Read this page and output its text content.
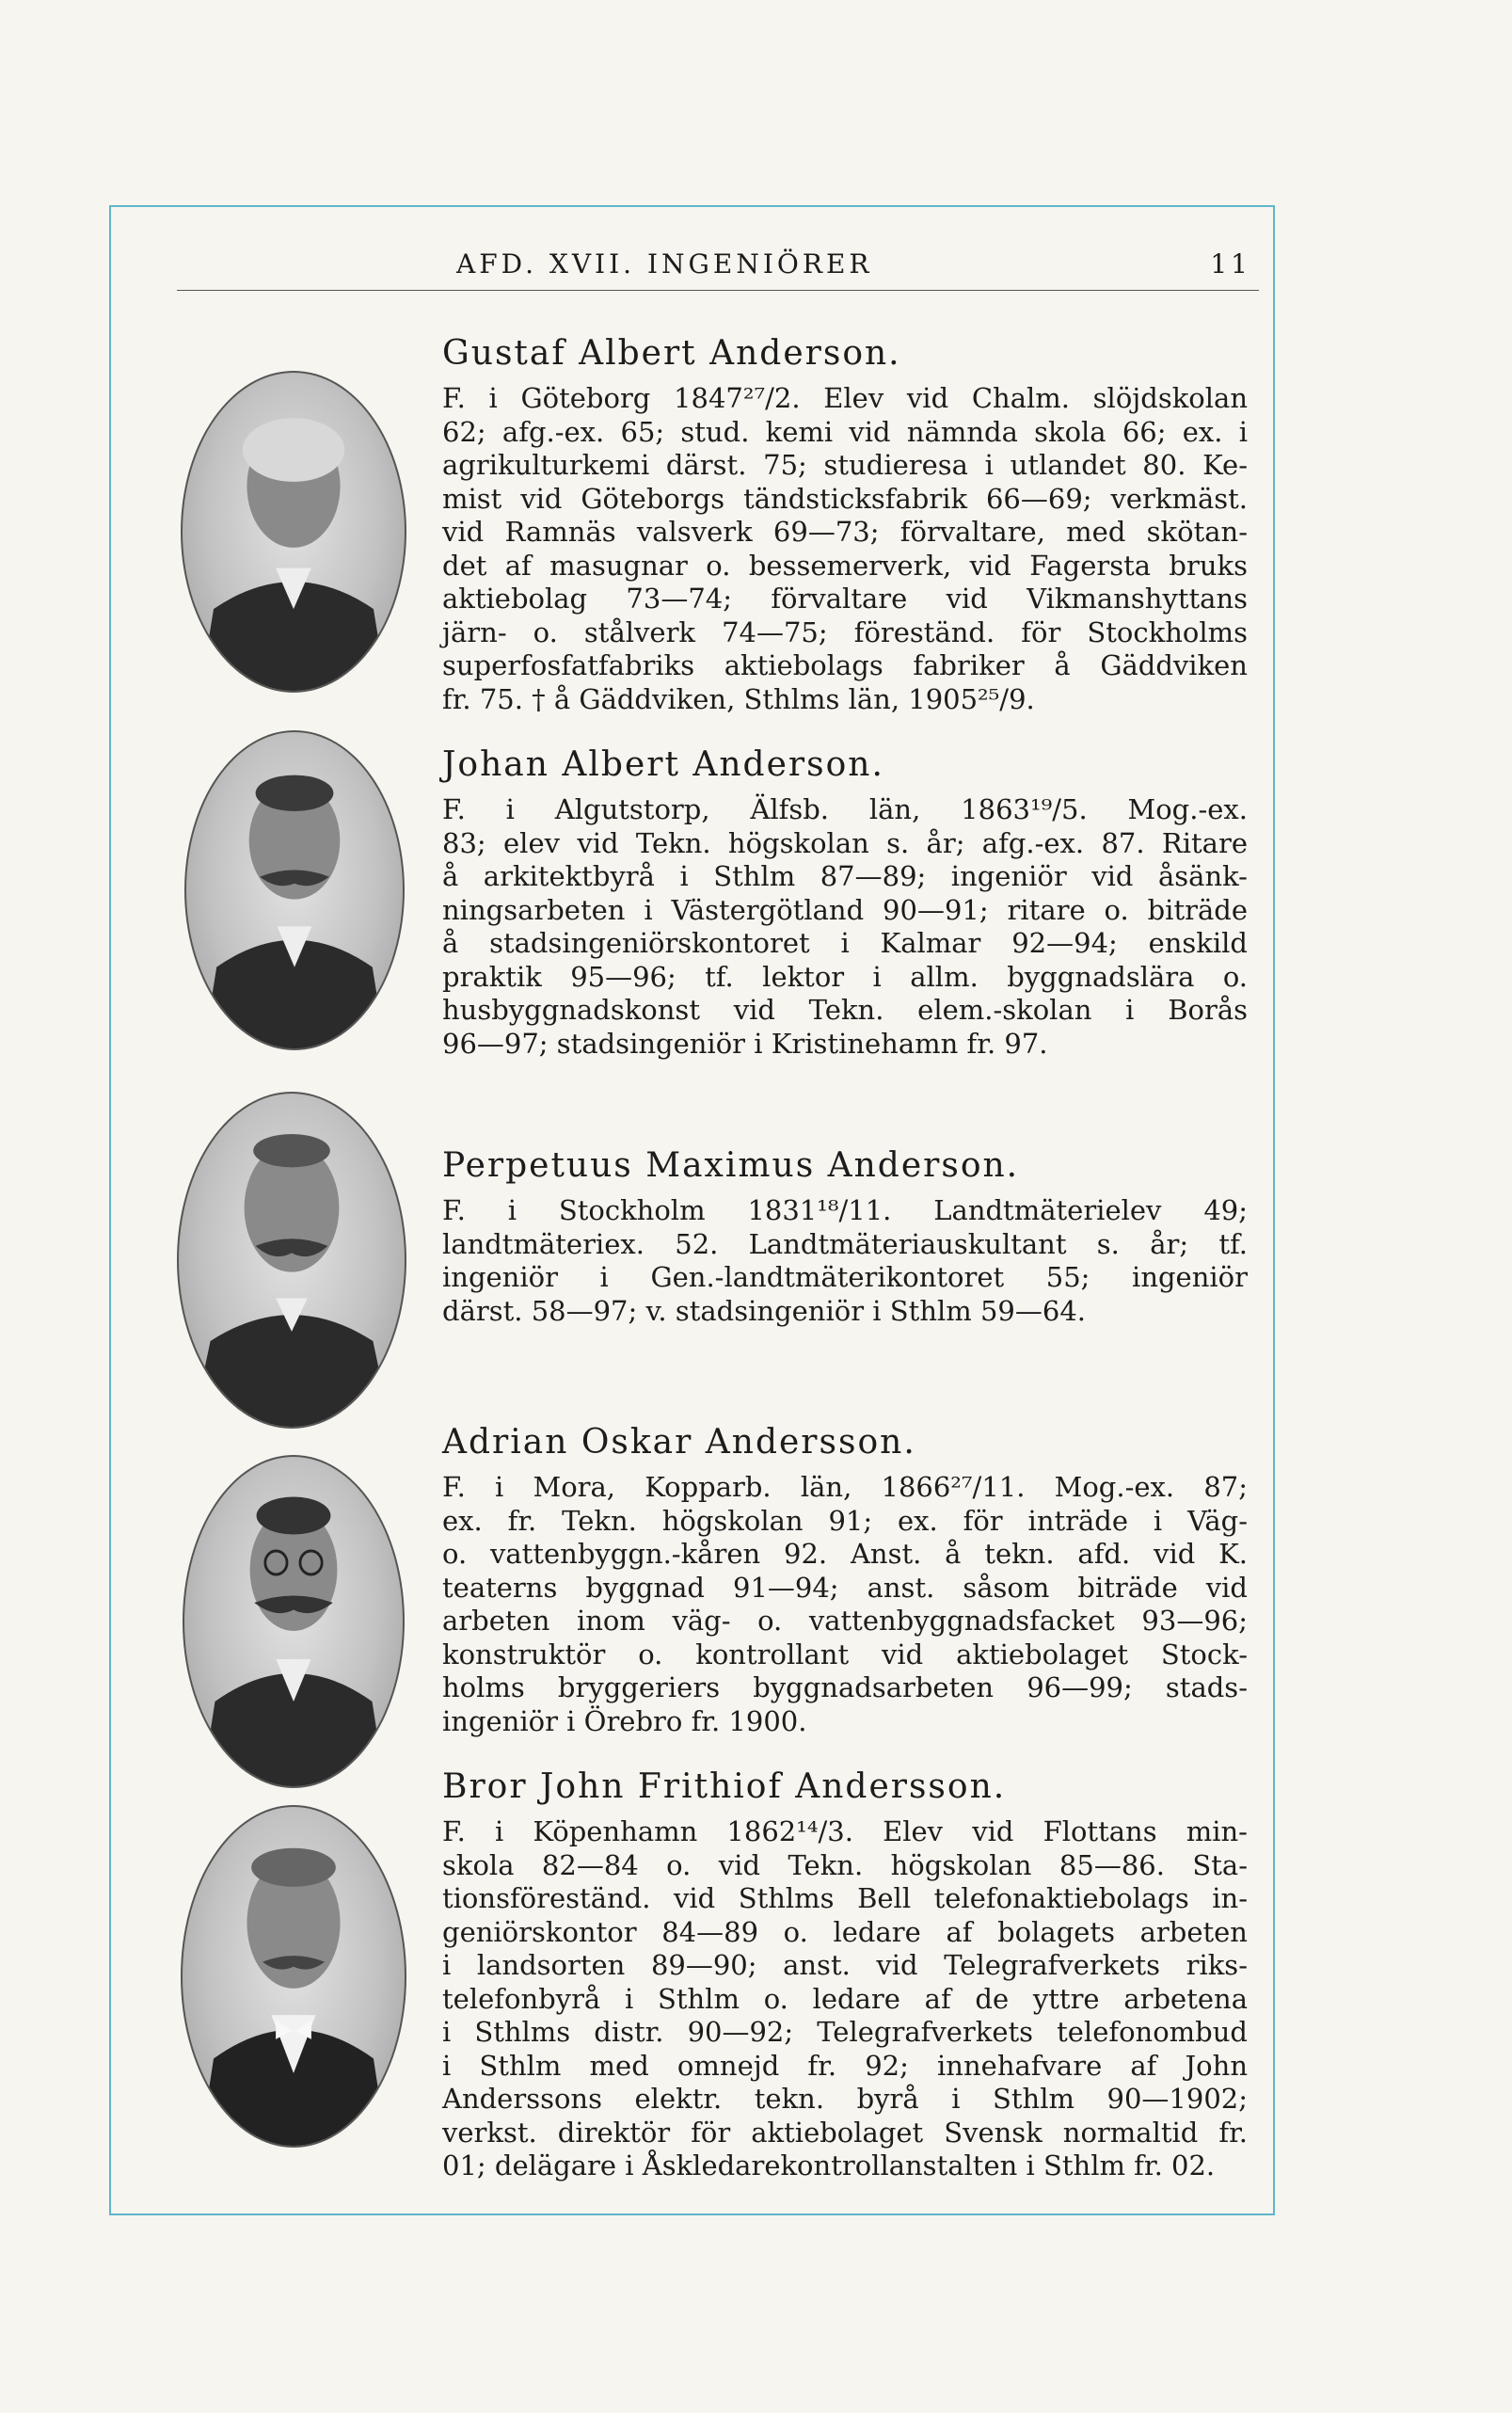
AFD. XVII. INGENIÖRER	11
Gustaf Albert Anderson.
F. i Göteborg 1847²⁷/2. Elev vid Chalm. slöjdskolan
62; afg.-ex. 65; stud. kemi vid nämnda skola 66; ex. i
agrikulturkemi därst. 75; studieresa i utlandet 80. Ke-
mist vid Göteborgs tändsticksfabrik 66—69; verkmäst.
vid Ramnäs valsverk 69—73; förvaltare, med skötan-
det af masugnar o. bessemerverk, vid Fagersta bruks
aktiebolag 73—74; förvaltare vid Vikmanshyttans
järn- o. stålverk 74—75; föreständ. för Stockholms
superfosfatfabriks aktiebolags fabriker å Gäddviken
fr. 75. † å Gäddviken, Sthlms län, 1905²⁵/9.
Johan Albert Anderson.
F. i Algutstorp, Älfsb. län, 1863¹⁹/5. Mog.-ex.
83; elev vid Tekn. högskolan s. år; afg.-ex. 87. Ritare
å arkitektbyrå i Sthlm 87—89; ingeniör vid åsänk-
ningsarbeten i Västergötland 90—91; ritare o. biträde
å stadsingeniörskontoret i Kalmar 92—94; enskild
praktik 95—96; tf. lektor i allm. byggnadslära o.
husbyggnadskonst vid Tekn. elem.-skolan i Borås
96—97; stadsingeniör i Kristinehamn fr. 97.
Perpetuus Maximus Anderson.
F. i Stockholm 1831¹⁸/11. Landtmäterielev 49;
landtmäteriex. 52. Landtmäteriauskultant s. år; tf.
ingeniör i Gen.-landtmäterikontoret 55; ingeniör
därst. 58—97; v. stadsingeniör i Sthlm 59—64.
Adrian Oskar Andersson.
F. i Mora, Kopparb. län, 1866²⁷/11. Mog.-ex. 87;
ex. fr. Tekn. högskolan 91; ex. för inträde i Väg-
o. vattenbyggn.-kåren 92. Anst. å tekn. afd. vid K.
teaterns byggnad 91—94; anst. såsom biträde vid
arbeten inom väg- o. vattenbyggnadsfacket 93—96;
konstruktör o. kontrollant vid aktiebolaget Stock-
holms bryggeriers byggnadsarbeten 96—99; stads-
ingeniör i Örebro fr. 1900.
Bror John Frithiof Andersson.
F. i Köpenhamn 1862¹⁴/3. Elev vid Flottans min-
skola 82—84 o. vid Tekn. högskolan 85—86. Sta-
tionsföreständ. vid Sthlms Bell telefonaktiebolags in-
geniörskontor 84—89 o. ledare af bolagets arbeten
i landsorten 89—90; anst. vid Telegrafverkets riks-
telefonbyrå i Sthlm o. ledare af de yttre arbetena
i Sthlms distr. 90—92; Telegrafverkets telefonombud
i Sthlm med omnejd fr. 92; innehafvare af John
Anderssons elektr. tekn. byrå i Sthlm 90—1902;
verkst. direktör för aktiebolaget Svensk normaltid fr.
01; delägare i Åskledarekontrollanstalten i Sthlm fr. 02.
